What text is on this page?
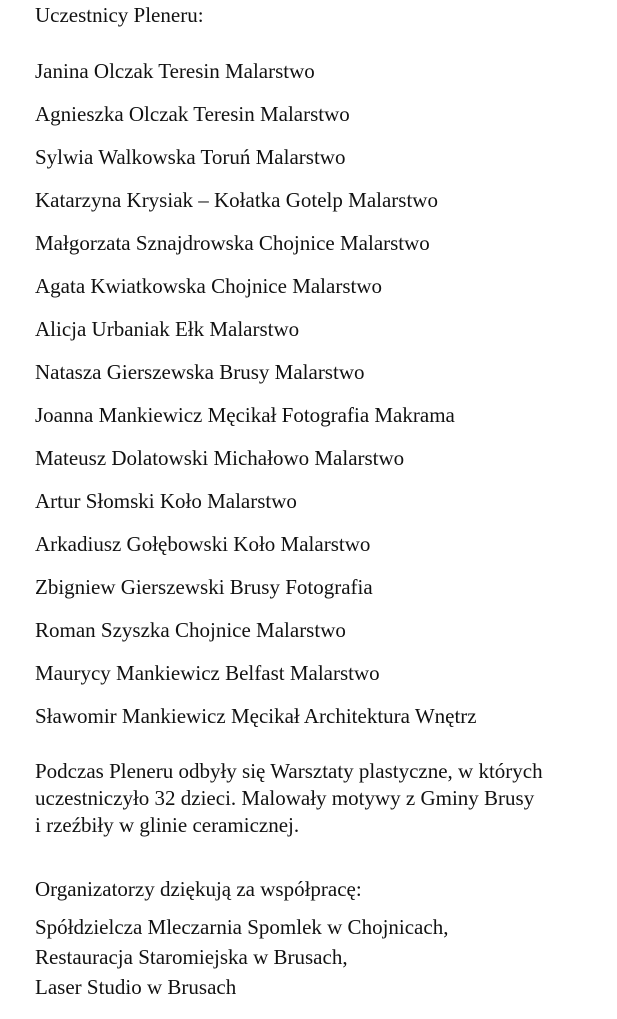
Uczestnicy Pleneru:
Janina Olczak Teresin Malarstwo
Agnieszka Olczak Teresin Malarstwo
Sylwia Walkowska Toruń Malarstwo
Katarzyna Krysiak – Kołatka Gotelp Malarstwo
Małgorzata Sznajdrowska Chojnice Malarstwo
Agata Kwiatkowska Chojnice Malarstwo
Alicja Urbaniak Ełk Malarstwo
Natasza Gierszewska Brusy Malarstwo
Joanna Mankiewicz Męcikał Fotografia Makrama
Mateusz Dolatowski Michałowo Malarstwo
Artur Słomski Koło Malarstwo
Arkadiusz Gołębowski Koło Malarstwo
Zbigniew Gierszewski Brusy Fotografia
Roman Szyszka Chojnice Malarstwo
Maurycy Mankiewicz Belfast Malarstwo
Sławomir Mankiewicz Męcikał Architektura Wnętrz

Podczas Pleneru odbyły się Warsztaty plastyczne, w których
uczestniczyło 32 dzieci. Malowały motywy z Gminy Brusy
i rzeźbiły w glinie ceramicznej.

Organizatorzy dziękują za współpracę:
Spółdzielcza Mleczarnia Spomlek w Chojnicach,
Restauracja Staromiejska w Brusach,
Laser Studio w Brusach
